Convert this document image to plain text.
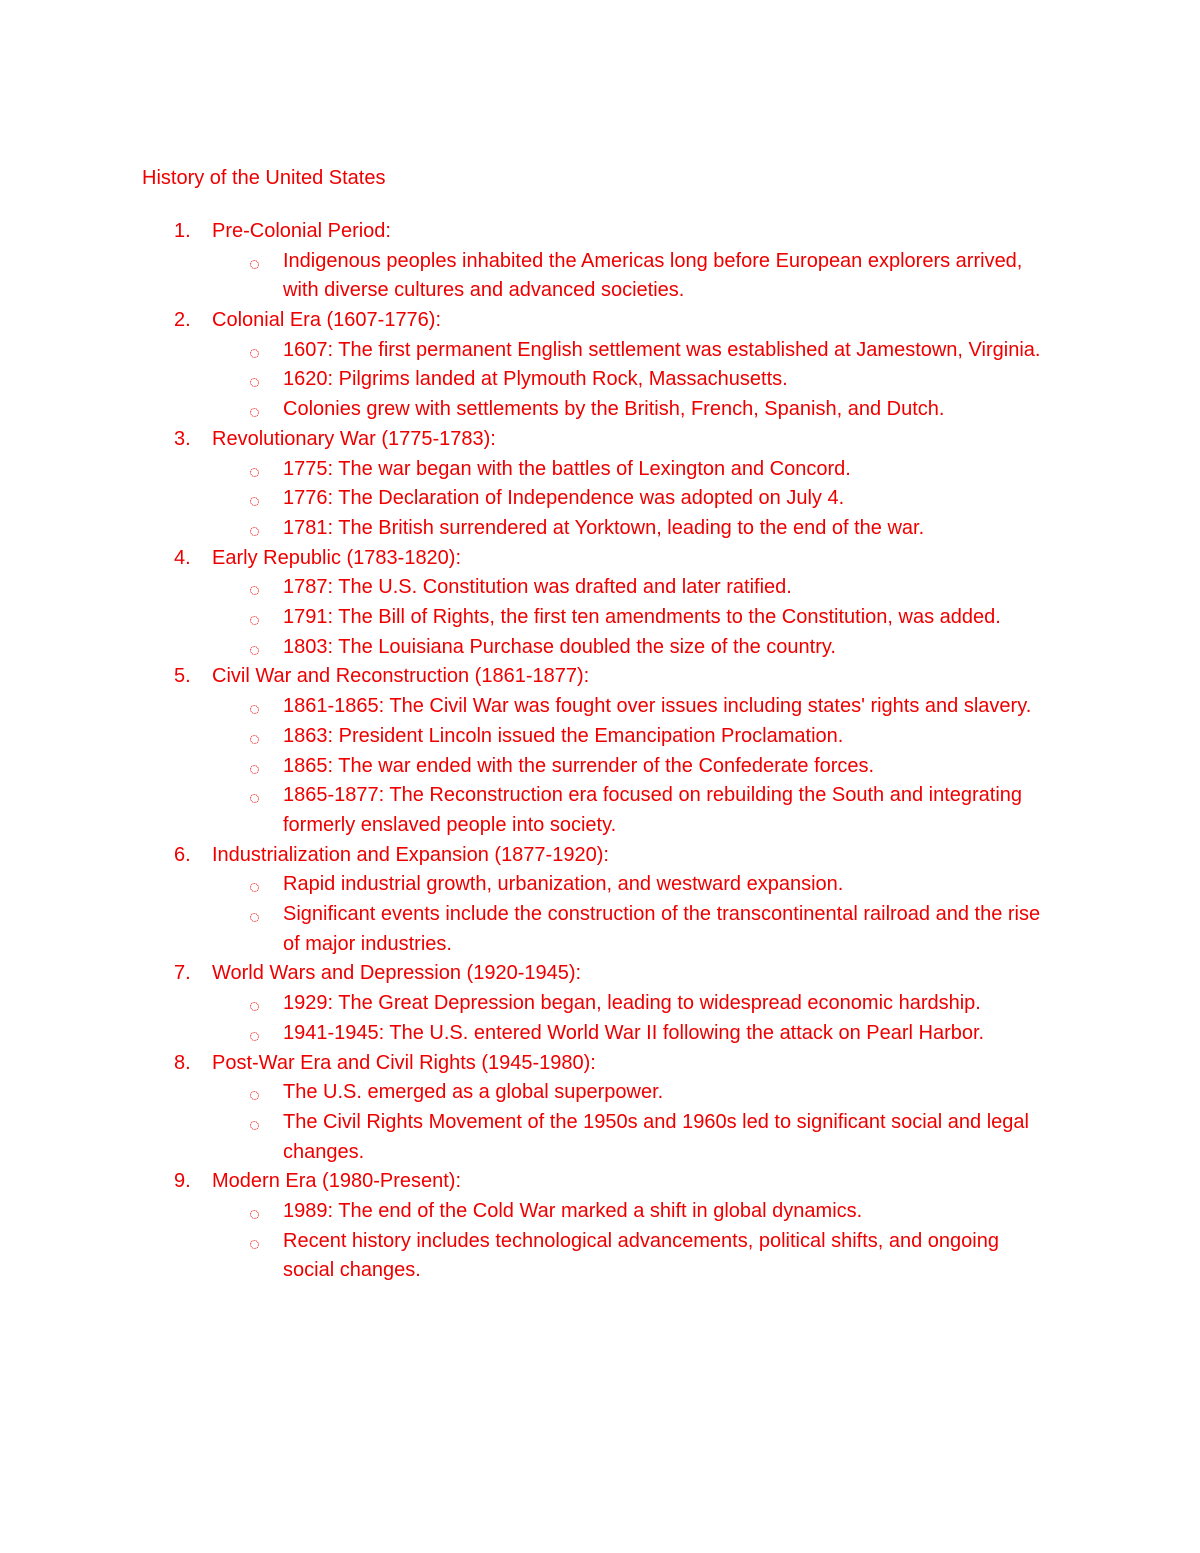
History of the United States
1. Pre-Colonial Period:
Indigenous peoples inhabited the Americas long before European explorers arrived, with diverse cultures and advanced societies.
2. Colonial Era (1607-1776):
1607: The first permanent English settlement was established at Jamestown, Virginia.
1620: Pilgrims landed at Plymouth Rock, Massachusetts.
Colonies grew with settlements by the British, French, Spanish, and Dutch.
3. Revolutionary War (1775-1783):
1775: The war began with the battles of Lexington and Concord.
1776: The Declaration of Independence was adopted on July 4.
1781: The British surrendered at Yorktown, leading to the end of the war.
4. Early Republic (1783-1820):
1787: The U.S. Constitution was drafted and later ratified.
1791: The Bill of Rights, the first ten amendments to the Constitution, was added.
1803: The Louisiana Purchase doubled the size of the country.
5. Civil War and Reconstruction (1861-1877):
1861-1865: The Civil War was fought over issues including states' rights and slavery.
1863: President Lincoln issued the Emancipation Proclamation.
1865: The war ended with the surrender of the Confederate forces.
1865-1877: The Reconstruction era focused on rebuilding the South and integrating formerly enslaved people into society.
6. Industrialization and Expansion (1877-1920):
Rapid industrial growth, urbanization, and westward expansion.
Significant events include the construction of the transcontinental railroad and the rise of major industries.
7. World Wars and Depression (1920-1945):
1929: The Great Depression began, leading to widespread economic hardship.
1941-1945: The U.S. entered World War II following the attack on Pearl Harbor.
8. Post-War Era and Civil Rights (1945-1980):
The U.S. emerged as a global superpower.
The Civil Rights Movement of the 1950s and 1960s led to significant social and legal changes.
9. Modern Era (1980-Present):
1989: The end of the Cold War marked a shift in global dynamics.
Recent history includes technological advancements, political shifts, and ongoing social changes.
